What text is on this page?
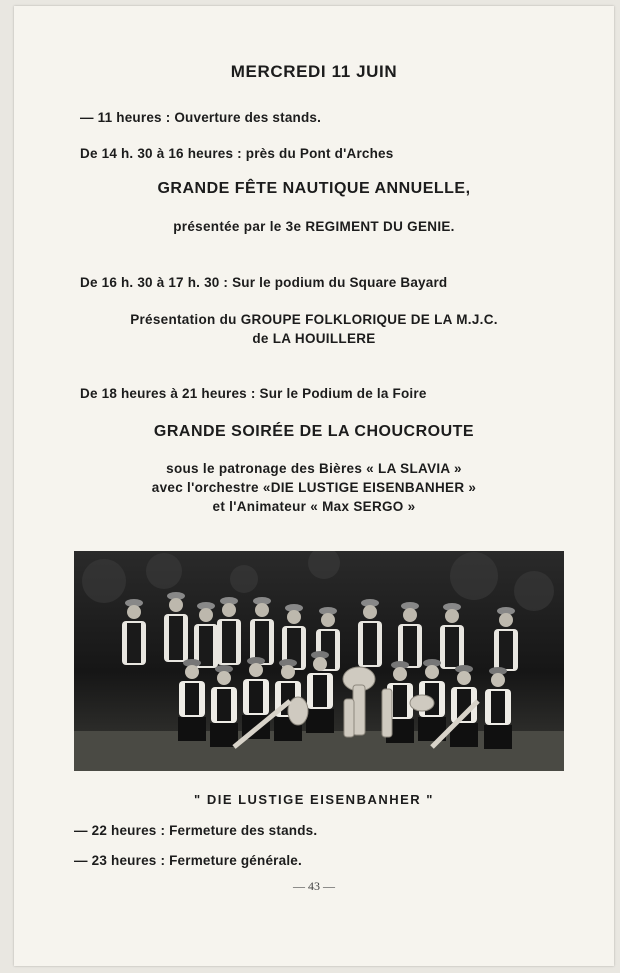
MERCREDI 11 JUIN
— 11 heures : Ouverture des stands.
De 14 h. 30 à 16 heures : près du Pont d'Arches
GRANDE FÊTE NAUTIQUE ANNUELLE,
présentée par le 3e REGIMENT DU GENIE.
De 16 h. 30 à 17 h. 30 : Sur le podium du Square Bayard
Présentation du GROUPE FOLKLORIQUE DE LA M.J.C.
de LA HOUILLERE
De 18 heures à 21 heures : Sur le Podium de la Foire
GRANDE SOIRÉE DE LA CHOUCROUTE
sous le patronage des Bières « LA SLAVIA »
avec l'orchestre «DIE LUSTIGE EISENBANHER »
et l'Animateur « Max SERGO »
" DIE LUSTIGE EISENBANHER "
— 22 heures : Fermeture des stands.
— 23 heures : Fermeture générale.
— 43 —
